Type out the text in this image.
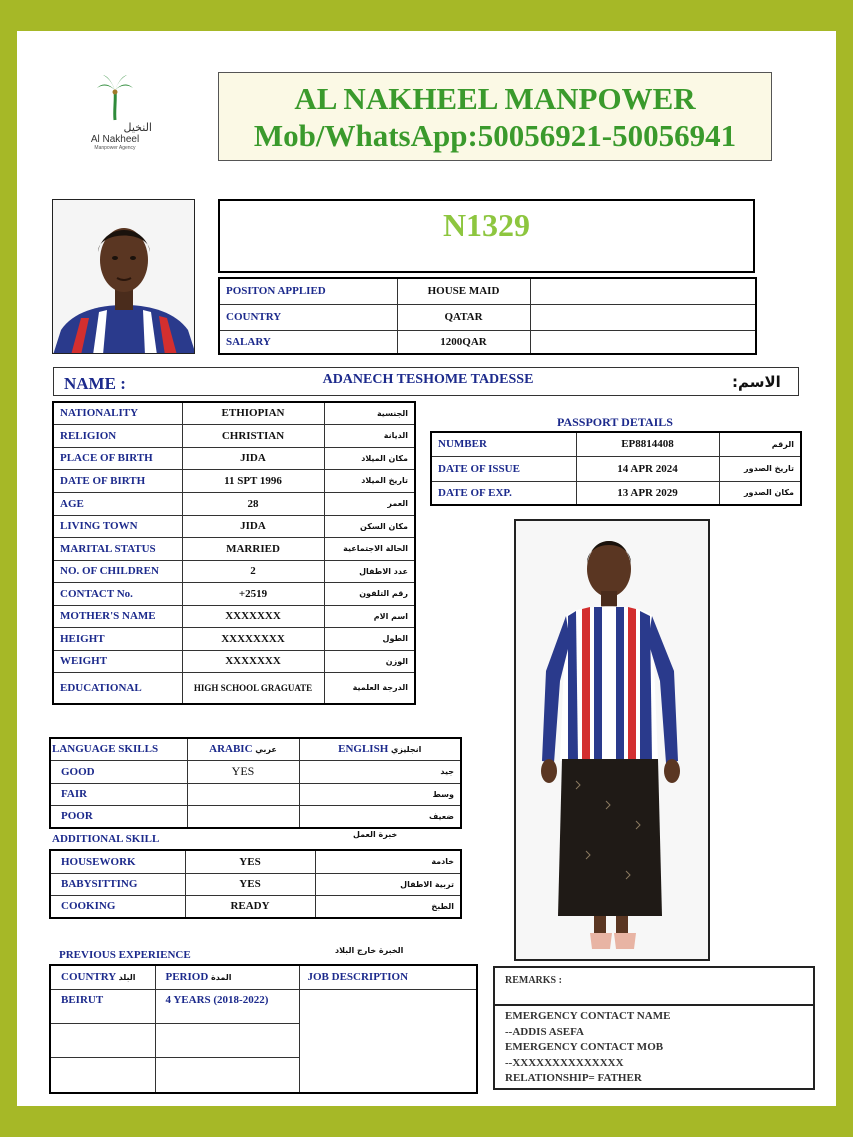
النخيل
Al Nakheel
Manpower Agency
AL NAKHEEL MANPOWER
Mob/WhatsApp:50056921-50056941
N1329
POSITON APPLIED	HOUSE MAID	
COUNTRY	QATAR	
SALARY	1200QAR	
NAME :	ADANECH TESHOME TADESSE	الاسم:
NATIONALITY	ETHIOPIAN	الجنسية
RELIGION	CHRISTIAN	الديانة
PLACE OF BIRTH	JIDA	مكان الميلاد
DATE OF BIRTH	11 SPT 1996	تاريخ الميلاد
AGE	28	العمر
LIVING TOWN	JIDA	مكان السكن
MARITAL STATUS	MARRIED	الحالة الاجتماعية
NO. OF CHILDREN	2	عدد الاطفال
CONTACT No.	+2519	رقم التلفون
MOTHER'S NAME	XXXXXXX	اسم الام
HEIGHT	XXXXXXXX	الطول
WEIGHT	XXXXXXX	الوزن
EDUCATIONAL	HIGH SCHOOL GRAGUATE	الدرجة العلمية
PASSPORT DETAILS
NUMBER	EP8814408	الرقم
DATE OF ISSUE	14 APR 2024	تاريخ الصدور
DATE OF EXP.	13 APR 2029	مكان الصدور
LANGUAGE SKILLS	ARABIC عربي	ENGLISH انجليزي
GOOD	YES	جيد
FAIR		وسط
POOR		ضعيف
ADDITIONAL SKILL	خبرة العمل
HOUSEWORK	YES	خادمة
BABYSITTING	YES	تربية الاطفال
COOKING	READY	الطبخ
PREVIOUS EXPERIENCE	الخبرة خارج البلاد
COUNTRY البلد	PERIOD المدة	JOB DESCRIPTION
BEIRUT	4 YEARS (2018-2022)	

REMARKS :
EMERGENCY CONTACT NAME
--ADDIS ASEFA
EMERGENCY CONTACT MOB
--XXXXXXXXXXXXXX
RELATIONSHIP= FATHER
